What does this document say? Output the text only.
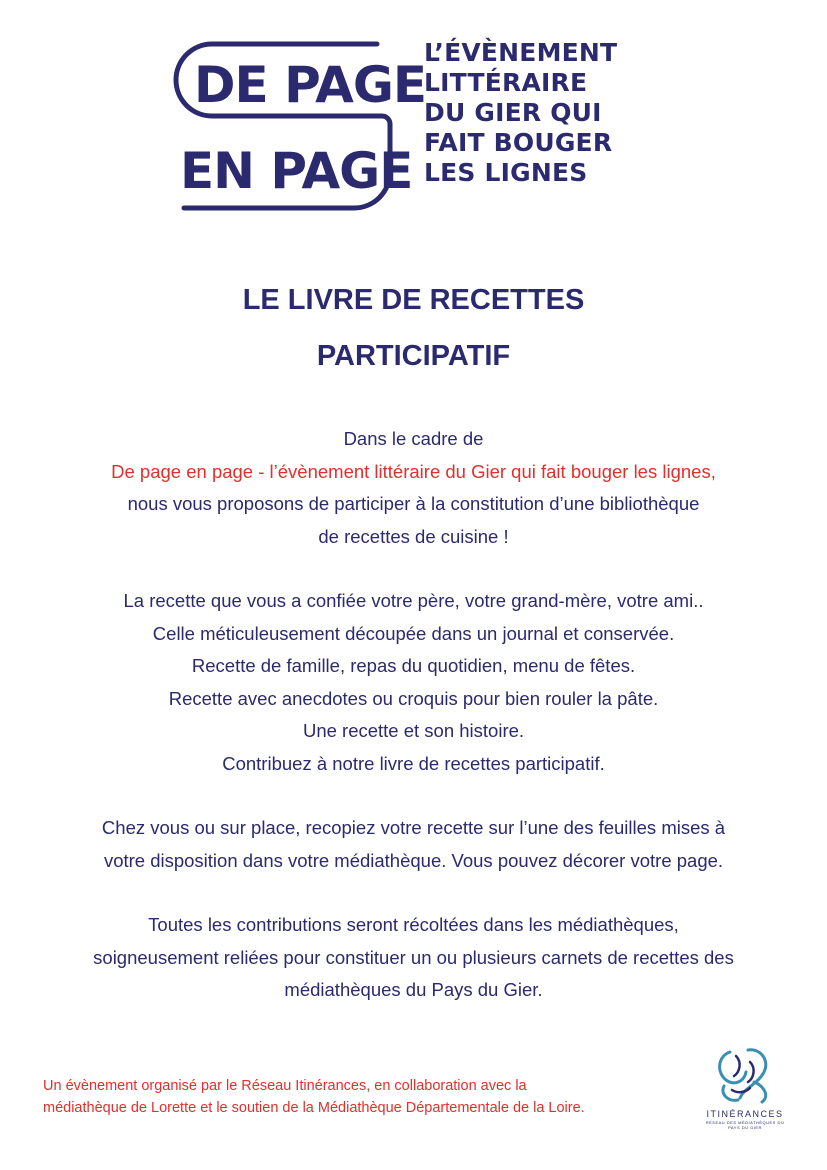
DE PAGE
EN PAGE
L’ÉVÈNEMENT
LITTÉRAIRE
DU GIER QUI
FAIT BOUGER
LES LIGNES
LE LIVRE DE RECETTES
PARTICIPATIF
Dans le cadre de
De page en page - l’évènement littéraire du Gier qui fait bouger les lignes,
nous vous proposons de participer à la constitution d’une bibliothèque
de recettes de cuisine !
La recette que vous a confiée votre père, votre grand-mère, votre ami..
Celle méticuleusement découpée dans un journal et conservée.
Recette de famille, repas du quotidien, menu de fêtes.
Recette avec anecdotes ou croquis pour bien rouler la pâte.
Une recette et son histoire.
Contribuez à notre livre de recettes participatif.
Chez vous ou sur place, recopiez votre recette sur l’une des feuilles mises à
votre disposition dans votre médiathèque. Vous pouvez décorer votre page.
Toutes les contributions seront récoltées dans les médiathèques,
soigneusement reliées pour constituer un ou plusieurs carnets de recettes des
médiathèques du Pays du Gier.
Un évènement organisé par le Réseau Itinérances, en collaboration avec la
médiathèque de Lorette et le soutien de la Médiathèque Départementale de la Loire.	ITINÉRANCES
RÉSEAU DES MÉDIATHÈQUES DU PAYS DU GIER
